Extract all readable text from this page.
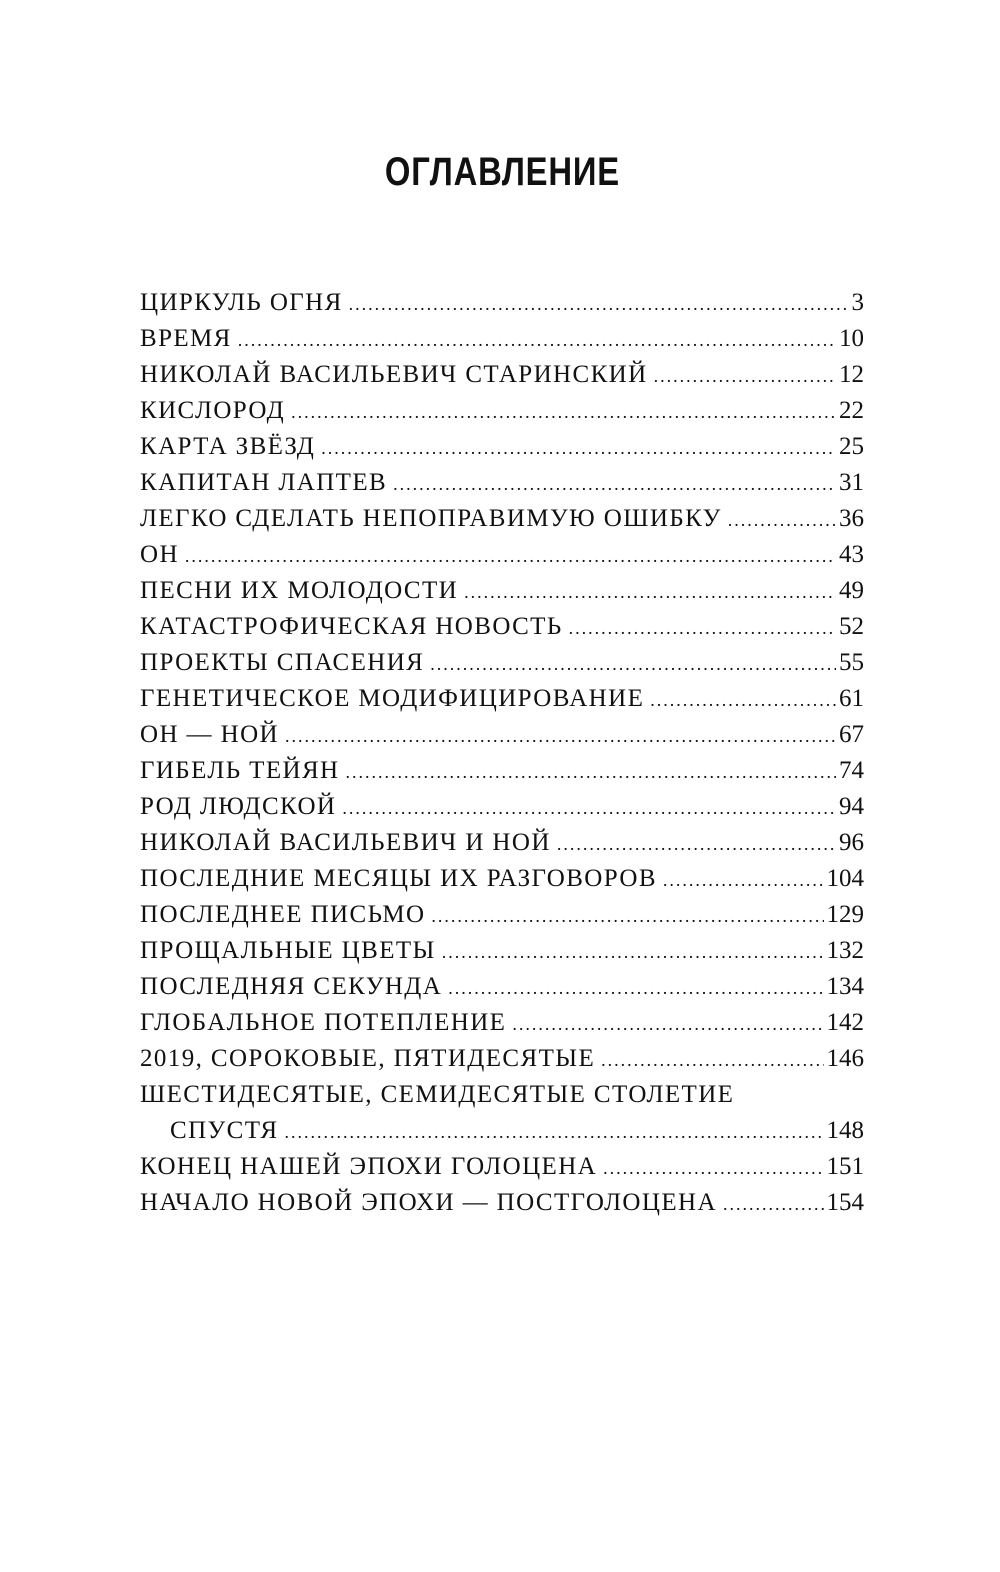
ОГЛАВЛЕНИЕ
ЦИРКУЛЬ ОГНЯ .....	3
ВРЕМЯ .....	10
НИКОЛАЙ ВАСИЛЬЕВИЧ СТАРИНСКИЙ .....	12
КИСЛОРОД .....	22
КАРТА ЗВЁЗД .....	25
КАПИТАН ЛАПТЕВ .....	31
ЛЕГКО СДЕЛАТЬ НЕПОПРАВИМУЮ ОШИБКУ .....	36
ОН .....	43
ПЕСНИ ИХ МОЛОДОСТИ .....	49
КАТАСТРОФИЧЕСКАЯ НОВОСТЬ .....	52
ПРОЕКТЫ СПАСЕНИЯ .....	55
ГЕНЕТИЧЕСКОЕ МОДИФИЦИРОВАНИЕ .....	61
ОН — НОЙ .....	67
ГИБЕЛЬ ТЕЙЯН .....	74
РОД ЛЮДСКОЙ .....	94
НИКОЛАЙ ВАСИЛЬЕВИЧ И НОЙ .....	96
ПОСЛЕДНИЕ МЕСЯЦЫ ИХ РАЗГОВОРОВ .....	104
ПОСЛЕДНЕЕ ПИСЬМО .....	129
ПРОЩАЛЬНЫЕ ЦВЕТЫ .....	132
ПОСЛЕДНЯЯ СЕКУНДА .....	134
ГЛОБАЛЬНОЕ ПОТЕПЛЕНИЕ .....	142
2019, СОРОКОВЫЕ, ПЯТИДЕСЯТЫЕ .....	146
ШЕСТИДЕСЯТЫЕ, СЕМИДЕСЯТЫЕ СТОЛЕТИЕ
СПУСТЯ .....	148
КОНЕЦ НАШЕЙ ЭПОХИ ГОЛОЦЕНА .....	151
НАЧАЛО НОВОЙ ЭПОХИ — ПОСТГОЛОЦЕНА .....	154
